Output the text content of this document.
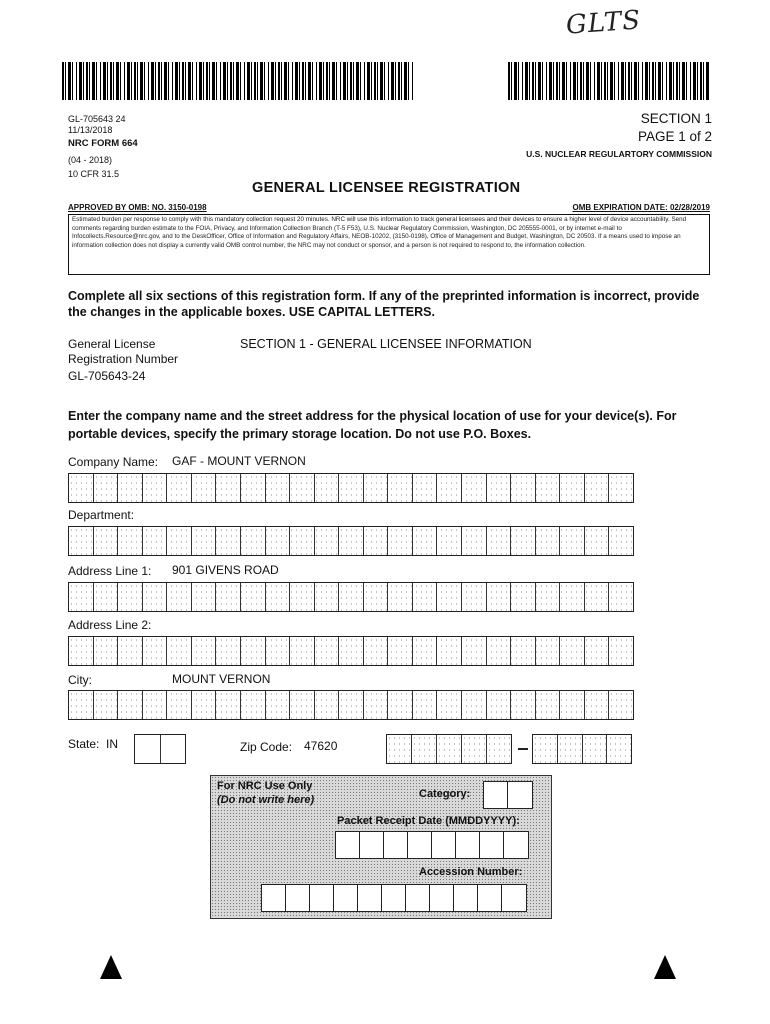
GLTS
GL-705643 24
11/13/2018
NRC FORM 664
(04 - 2018)
10 CFR 31.5
SECTION 1
PAGE 1 of 2
U.S. NUCLEAR REGULARTORY COMMISSION
GENERAL LICENSEE REGISTRATION
APPROVED BY OMB: NO. 3150-0198	OMB EXPIRATION DATE: 02/28/2019
Estimated burden per response to comply with this mandatory collection request 20 minutes. NRC will use this information to track general licensees and their devices to ensure a higher level of device accountability. Send comments regarding burden estimate to the FOIA, Privacy, and Information Collection Branch (T-5 F53), U.S. Nuclear Regulatory Commission, Washington, DC 205555-0001, or by internet e-mail to Infocollects.Resource@nrc.gov, and to the DeskOfficer, Office of Information and Regulatory Affairs, NEOB-10202, (3150-0198), Office of Management and Budget, Washington, DC 20503. If a means used to impose an information collection does not display a currently valid OMB control number, the NRC may not conduct or sponsor, and a person is not required to respond to, the information collection.
Complete all six sections of this registration form. If any of the preprinted information is incorrect, provide the changes in the applicable boxes. USE CAPITAL LETTERS.
General License
Registration Number
GL-705643-24
SECTION 1 - GENERAL LICENSEE INFORMATION
Enter the company name and the street address for the physical location of use for your device(s). For portable devices, specify the primary storage location. Do not use P.O. Boxes.
Company Name: GAF - MOUNT VERNON
Department:
Address Line 1: 901 GIVENS ROAD
Address Line 2:
City:	MOUNT VERNON
State: IN	Zip Code: 47620
For NRC Use Only
(Do not write here)	Category:
Packet Receipt Date (MMDDYYYY):
Accession Number:
